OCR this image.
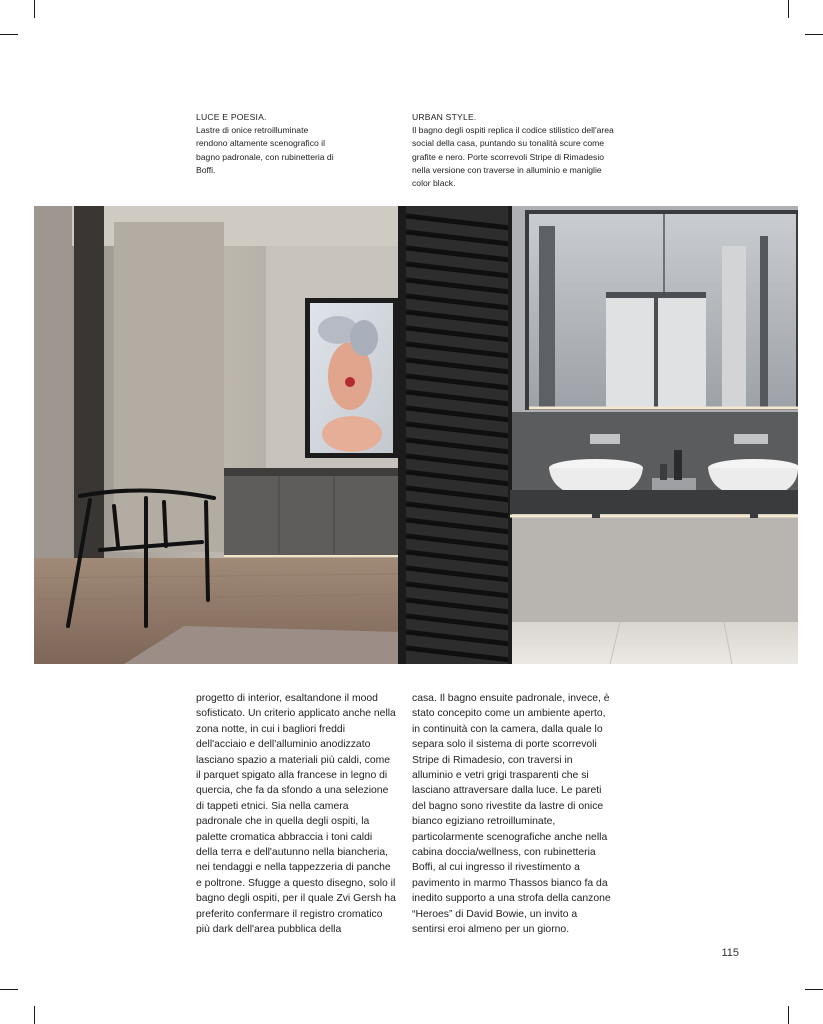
LUCE E POESIA.
Lastre di onice retroilluminate rendono altamente scenografico il bagno padronale, con rubinetteria di Boffi.
URBAN STYLE.
Il bagno degli ospiti replica il codice stilistico dell'area social della casa, puntando su tonalità scure come grafite e nero. Porte scorrevoli Stripe di Rimadesio nella versione con traverse in alluminio e maniglie color black.

progetto di interior, esaltandone il mood sofisticato. Un criterio applicato anche nella zona notte, in cui i bagliori freddi dell'acciaio e dell'alluminio anodizzato lasciano spazio a materiali più caldi, come il parquet spigato alla francese in legno di quercia, che fa da sfondo a una selezione di tappeti etnici. Sia nella camera padronale che in quella degli ospiti, la palette cromatica abbraccia i toni caldi della terra e dell'autunno nella biancheria, nei tendaggi e nella tappezzeria di panche e poltrone. Sfugge a questo disegno, solo il bagno degli ospiti, per il quale Zvi Gersh ha preferito confermare il registro cromatico più dark dell'area pubblica della

casa. Il bagno ensuite padronale, invece, è stato concepito come un ambiente aperto, in continuità con la camera, dalla quale lo separa solo il sistema di porte scorrevoli Stripe di Rimadesio, con traversi in alluminio e vetri grigi trasparenti che si lasciano attraversare dalla luce. Le pareti del bagno sono rivestite da lastre di onice bianco egiziano retroilluminate, particolarmente scenografiche anche nella cabina doccia/wellness, con rubinetteria Boffi, al cui ingresso il rivestimento a pavimento in marmo Thassos bianco fa da inedito supporto a una strofa della canzone “Heroes” di David Bowie, un invito a sentirsi eroi almeno per un giorno.

115
